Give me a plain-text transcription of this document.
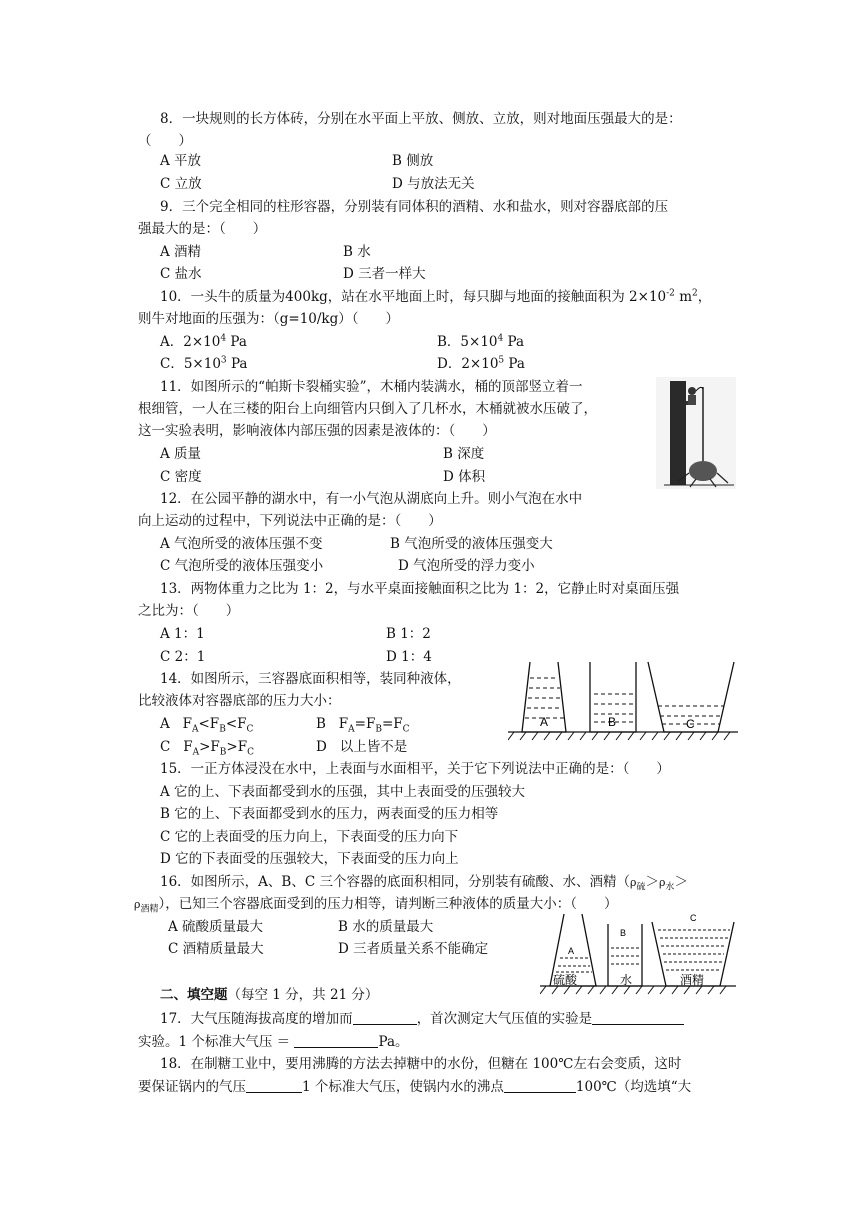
8．一块规则的长方体砖，分别在水平面上平放、侧放、立放，则对地面压强最大的是：
（　　）
A 平放	B 侧放
C 立放	D 与放法无关
9．三个完全相同的柱形容器，分别装有同体积的酒精、水和盐水，则对容器底部的压
强最大的是：（　　）
A 酒精	B 水
C 盐水	D 三者一样大
10．一头牛的质量为400kg，站在水平地面上时，每只脚与地面的接触面积为 $2\times 10^{-2}$ $m^2$，
则牛对地面的压强为：（g=10/kg）（　　）
A．$2\times 10^4$ Pa	B．$5\times 10^4$ Pa
C．$5\times 10^3$ Pa	D．$2\times 10^5$ Pa
11．如图所示的“帕斯卡裂桶实验”，木桶内装满水，桶的顶部竖立着一
根细管，一人在三楼的阳台上向细管内只倒入了几杯水，木桶就被水压破了，
这一实验表明，影响液体内部压强的因素是液体的：（　　）
A 质量	B 深度
C 密度	D 体积
12．在公园平静的湖水中，有一小气泡从湖底向上升。则小气泡在水中
向上运动的过程中，下列说法中正确的是：（　　）
A 气泡所受的液体压强不变	B 气泡所受的液体压强变大
C 气泡所受的液体压强变小	D 气泡所受的浮力变小
13．两物体重力之比为 1：2，与水平桌面接触面积之比为 1：2，它静止时对桌面压强
之比为：（　　）
A 1：1	B 1：2
C 2：1	D 1：4
14．如图所示，三容器底面积相等，装同种液体，
比较液体对容器底部的压力大小：
A   $F_A<F_B<F_C$	B   $F_A=F_B=F_C$
C   $F_A>F_B>F_C$	D 以上皆不是
A	B	C
15．一正方体浸没在水中，上表面与水面相平，关于它下列说法中正确的是：（　　）
A 它的上、下表面都受到水的压强，其中上表面受的压强较大
B 它的上、下表面都受到水的压力，两表面受的压力相等
C 它的上表面受的压力向上，下表面受的压力向下
D 它的下表面受的压强较大，下表面受的压力向上
16．如图所示，A、B、C 三个容器的底面积相同，分别装有硫酸、水、酒精（$\rho_硫>\rho_水>$
$\rho_{酒精}$），已知三个容器底面受到的压力相等，请判断三种液体的质量大小：（　　）
A 硫酸质量最大	B 水的质量最大
C 酒精质量最大	D 三者质量关系不能确定	A
硫酸
B
水
C
酒精
二、填空题（每空 1 分，共 21 分）
17．大气压随海拔高度的增加而	，首次测定大气压值的实验是
实验。1 个标准大气压 ＝	Pa。
18．在制糖工业中，要用沸腾的方法去掉糖中的水份，但糖在 100℃左右会变质，这时
要保证锅内的气压	1 个标准大气压，使锅内水的沸点	100℃（均选填“大
